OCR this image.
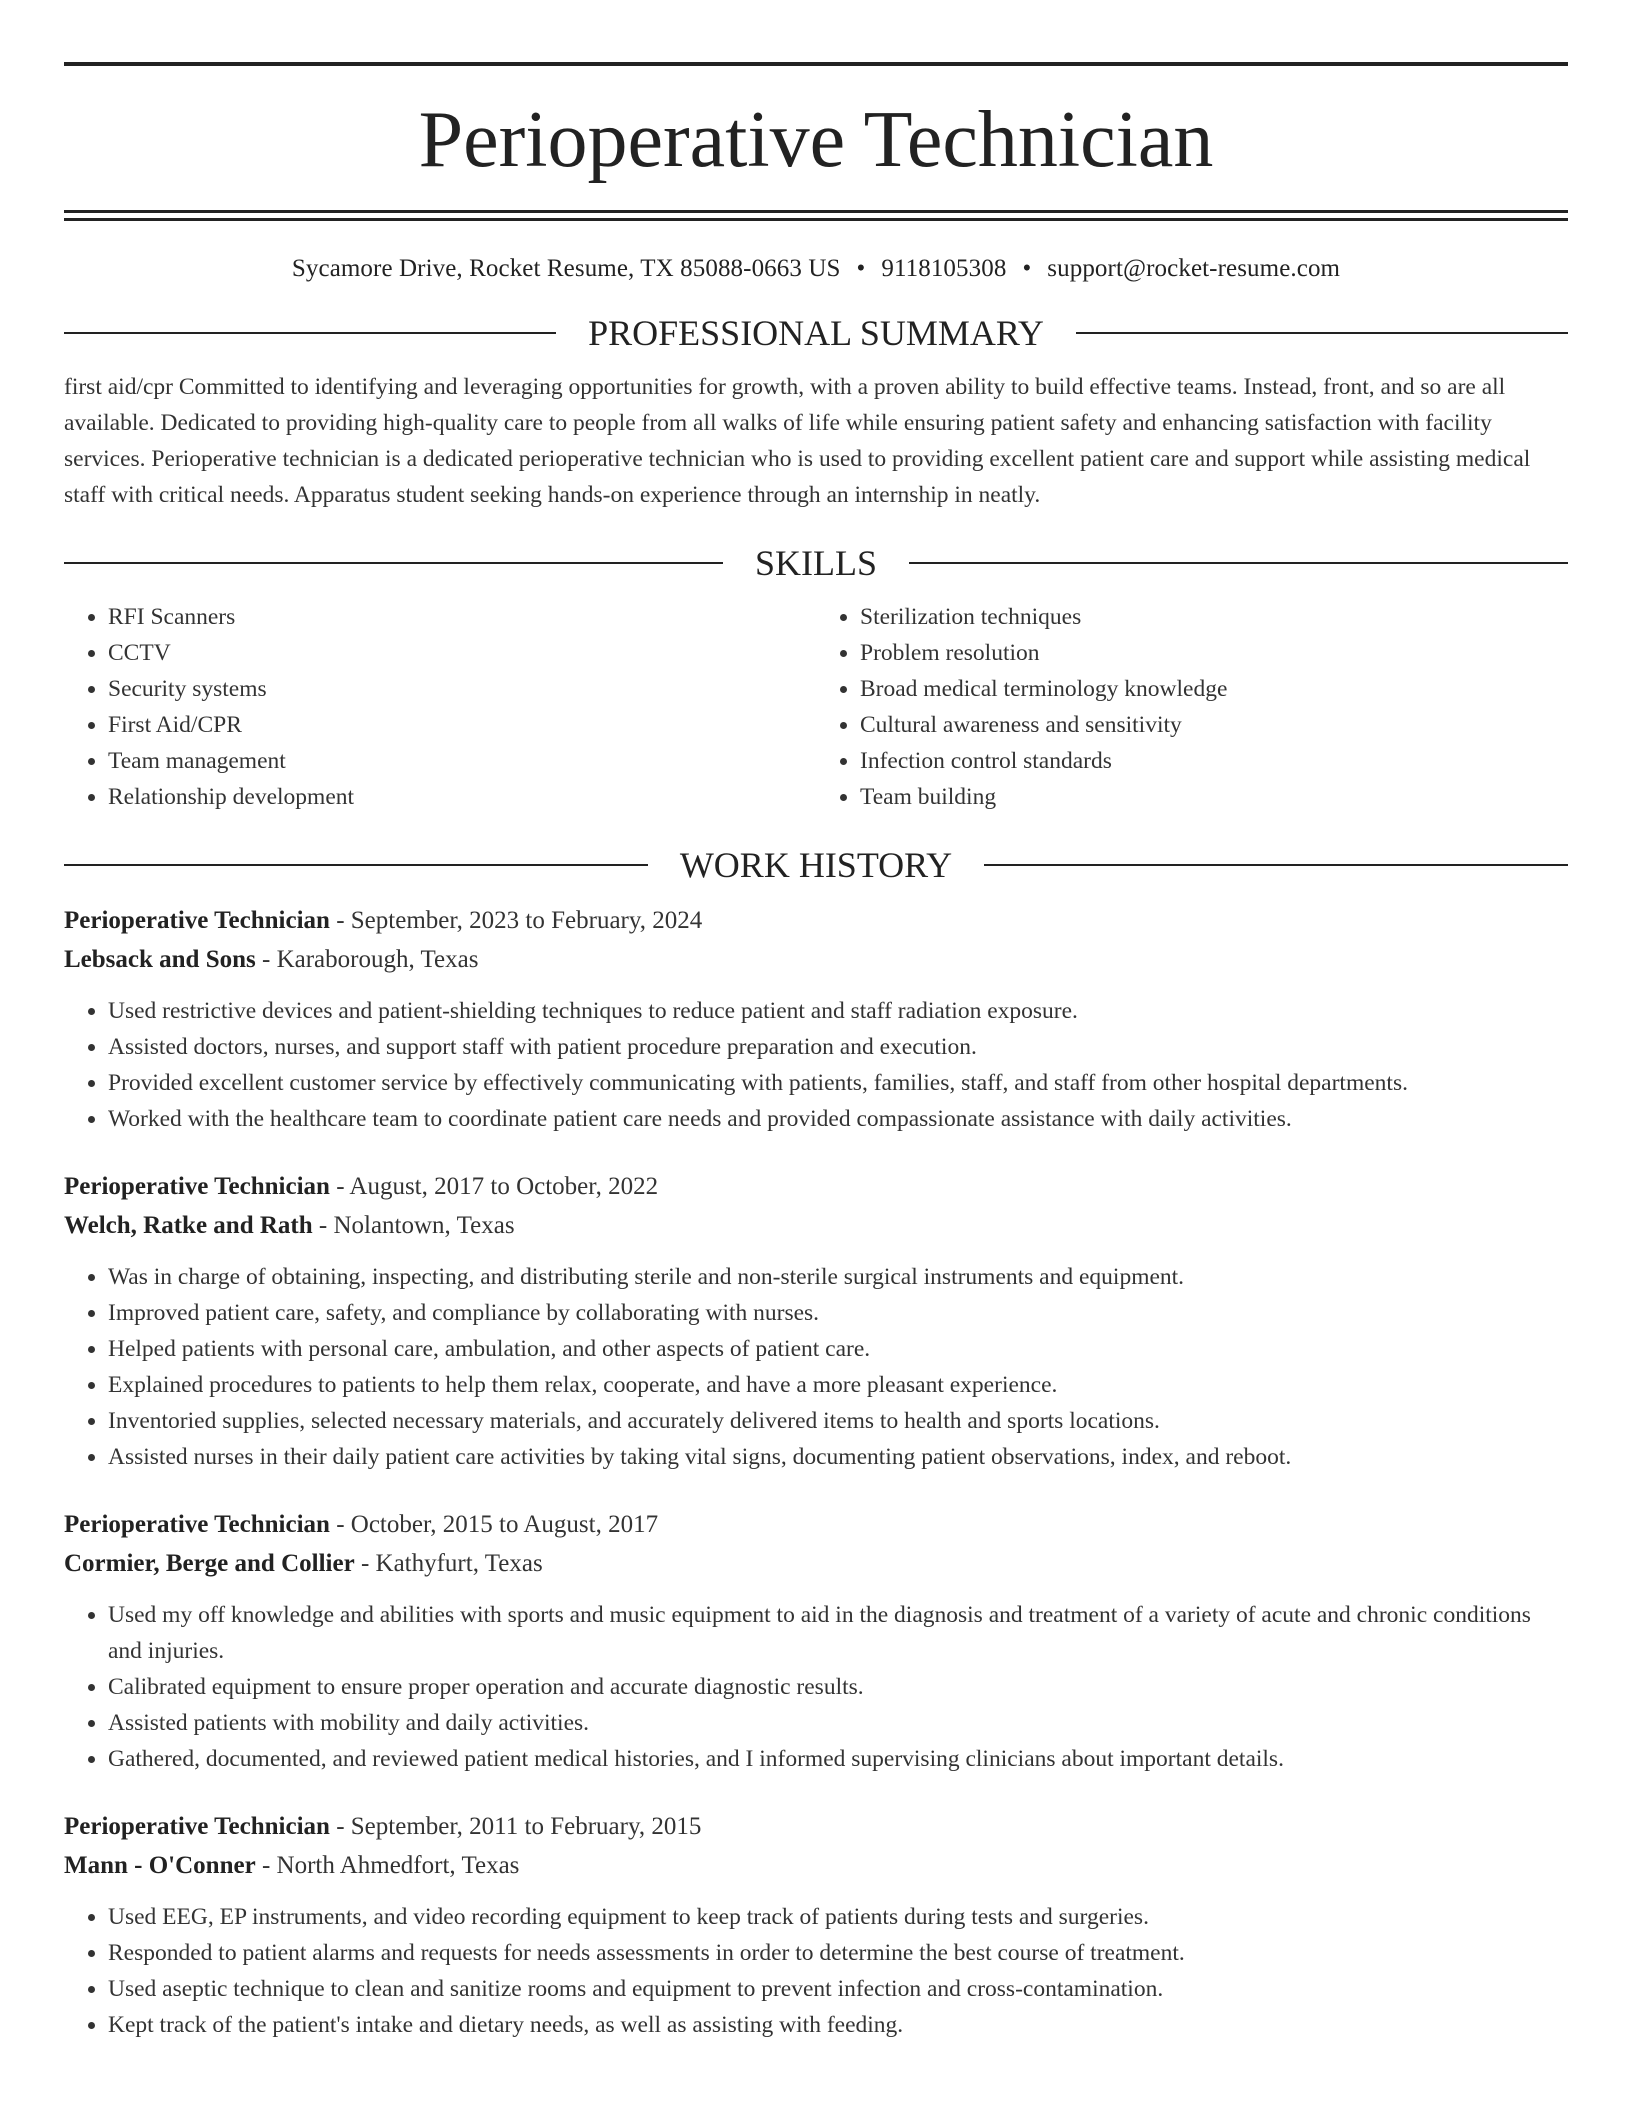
Perioperative Technician
Sycamore Drive, Rocket Resume, TX 85088-0663 US • 9118105308 • support@rocket-resume.com
PROFESSIONAL SUMMARY

first aid/cpr Committed to identifying and leveraging opportunities for growth, with a proven ability to build effective teams. Instead, front, and so are all available. Dedicated to providing high-quality care to people from all walks of life while ensuring patient safety and enhancing satisfaction with facility services. Perioperative technician is a dedicated perioperative technician who is used to providing excellent patient care and support while assisting medical staff with critical needs. Apparatus student seeking hands-on experience through an internship in neatly.

SKILLS
• RFI Scanners
• CCTV
• Security systems
• First Aid/CPR
• Team management
• Relationship development
• Sterilization techniques
• Problem resolution
• Broad medical terminology knowledge
• Cultural awareness and sensitivity
• Infection control standards
• Team building
WORK HISTORY
Perioperative Technician - September, 2023 to February, 2024
Lebsack and Sons - Karaborough, Texas
• Used restrictive devices and patient-shielding techniques to reduce patient and staff radiation exposure.
• Assisted doctors, nurses, and support staff with patient procedure preparation and execution.
• Provided excellent customer service by effectively communicating with patients, families, staff, and staff from other hospital departments.
• Worked with the healthcare team to coordinate patient care needs and provided compassionate assistance with daily activities.
Perioperative Technician - August, 2017 to October, 2022
Welch, Ratke and Rath - Nolantown, Texas
• Was in charge of obtaining, inspecting, and distributing sterile and non-sterile surgical instruments and equipment.
• Improved patient care, safety, and compliance by collaborating with nurses.
• Helped patients with personal care, ambulation, and other aspects of patient care.
• Explained procedures to patients to help them relax, cooperate, and have a more pleasant experience.
• Inventoried supplies, selected necessary materials, and accurately delivered items to health and sports locations.
• Assisted nurses in their daily patient care activities by taking vital signs, documenting patient observations, index, and reboot.
Perioperative Technician - October, 2015 to August, 2017
Cormier, Berge and Collier - Kathyfurt, Texas
• Used my off knowledge and abilities with sports and music equipment to aid in the diagnosis and treatment of a variety of acute and chronic conditions and injuries.
• Calibrated equipment to ensure proper operation and accurate diagnostic results.
• Assisted patients with mobility and daily activities.
• Gathered, documented, and reviewed patient medical histories, and I informed supervising clinicians about important details.
Perioperative Technician - September, 2011 to February, 2015
Mann - O'Conner - North Ahmedfort, Texas
• Used EEG, EP instruments, and video recording equipment to keep track of patients during tests and surgeries.
• Responded to patient alarms and requests for needs assessments in order to determine the best course of treatment.
• Used aseptic technique to clean and sanitize rooms and equipment to prevent infection and cross-contamination.
• Kept track of the patient's intake and dietary needs, as well as assisting with feeding.
